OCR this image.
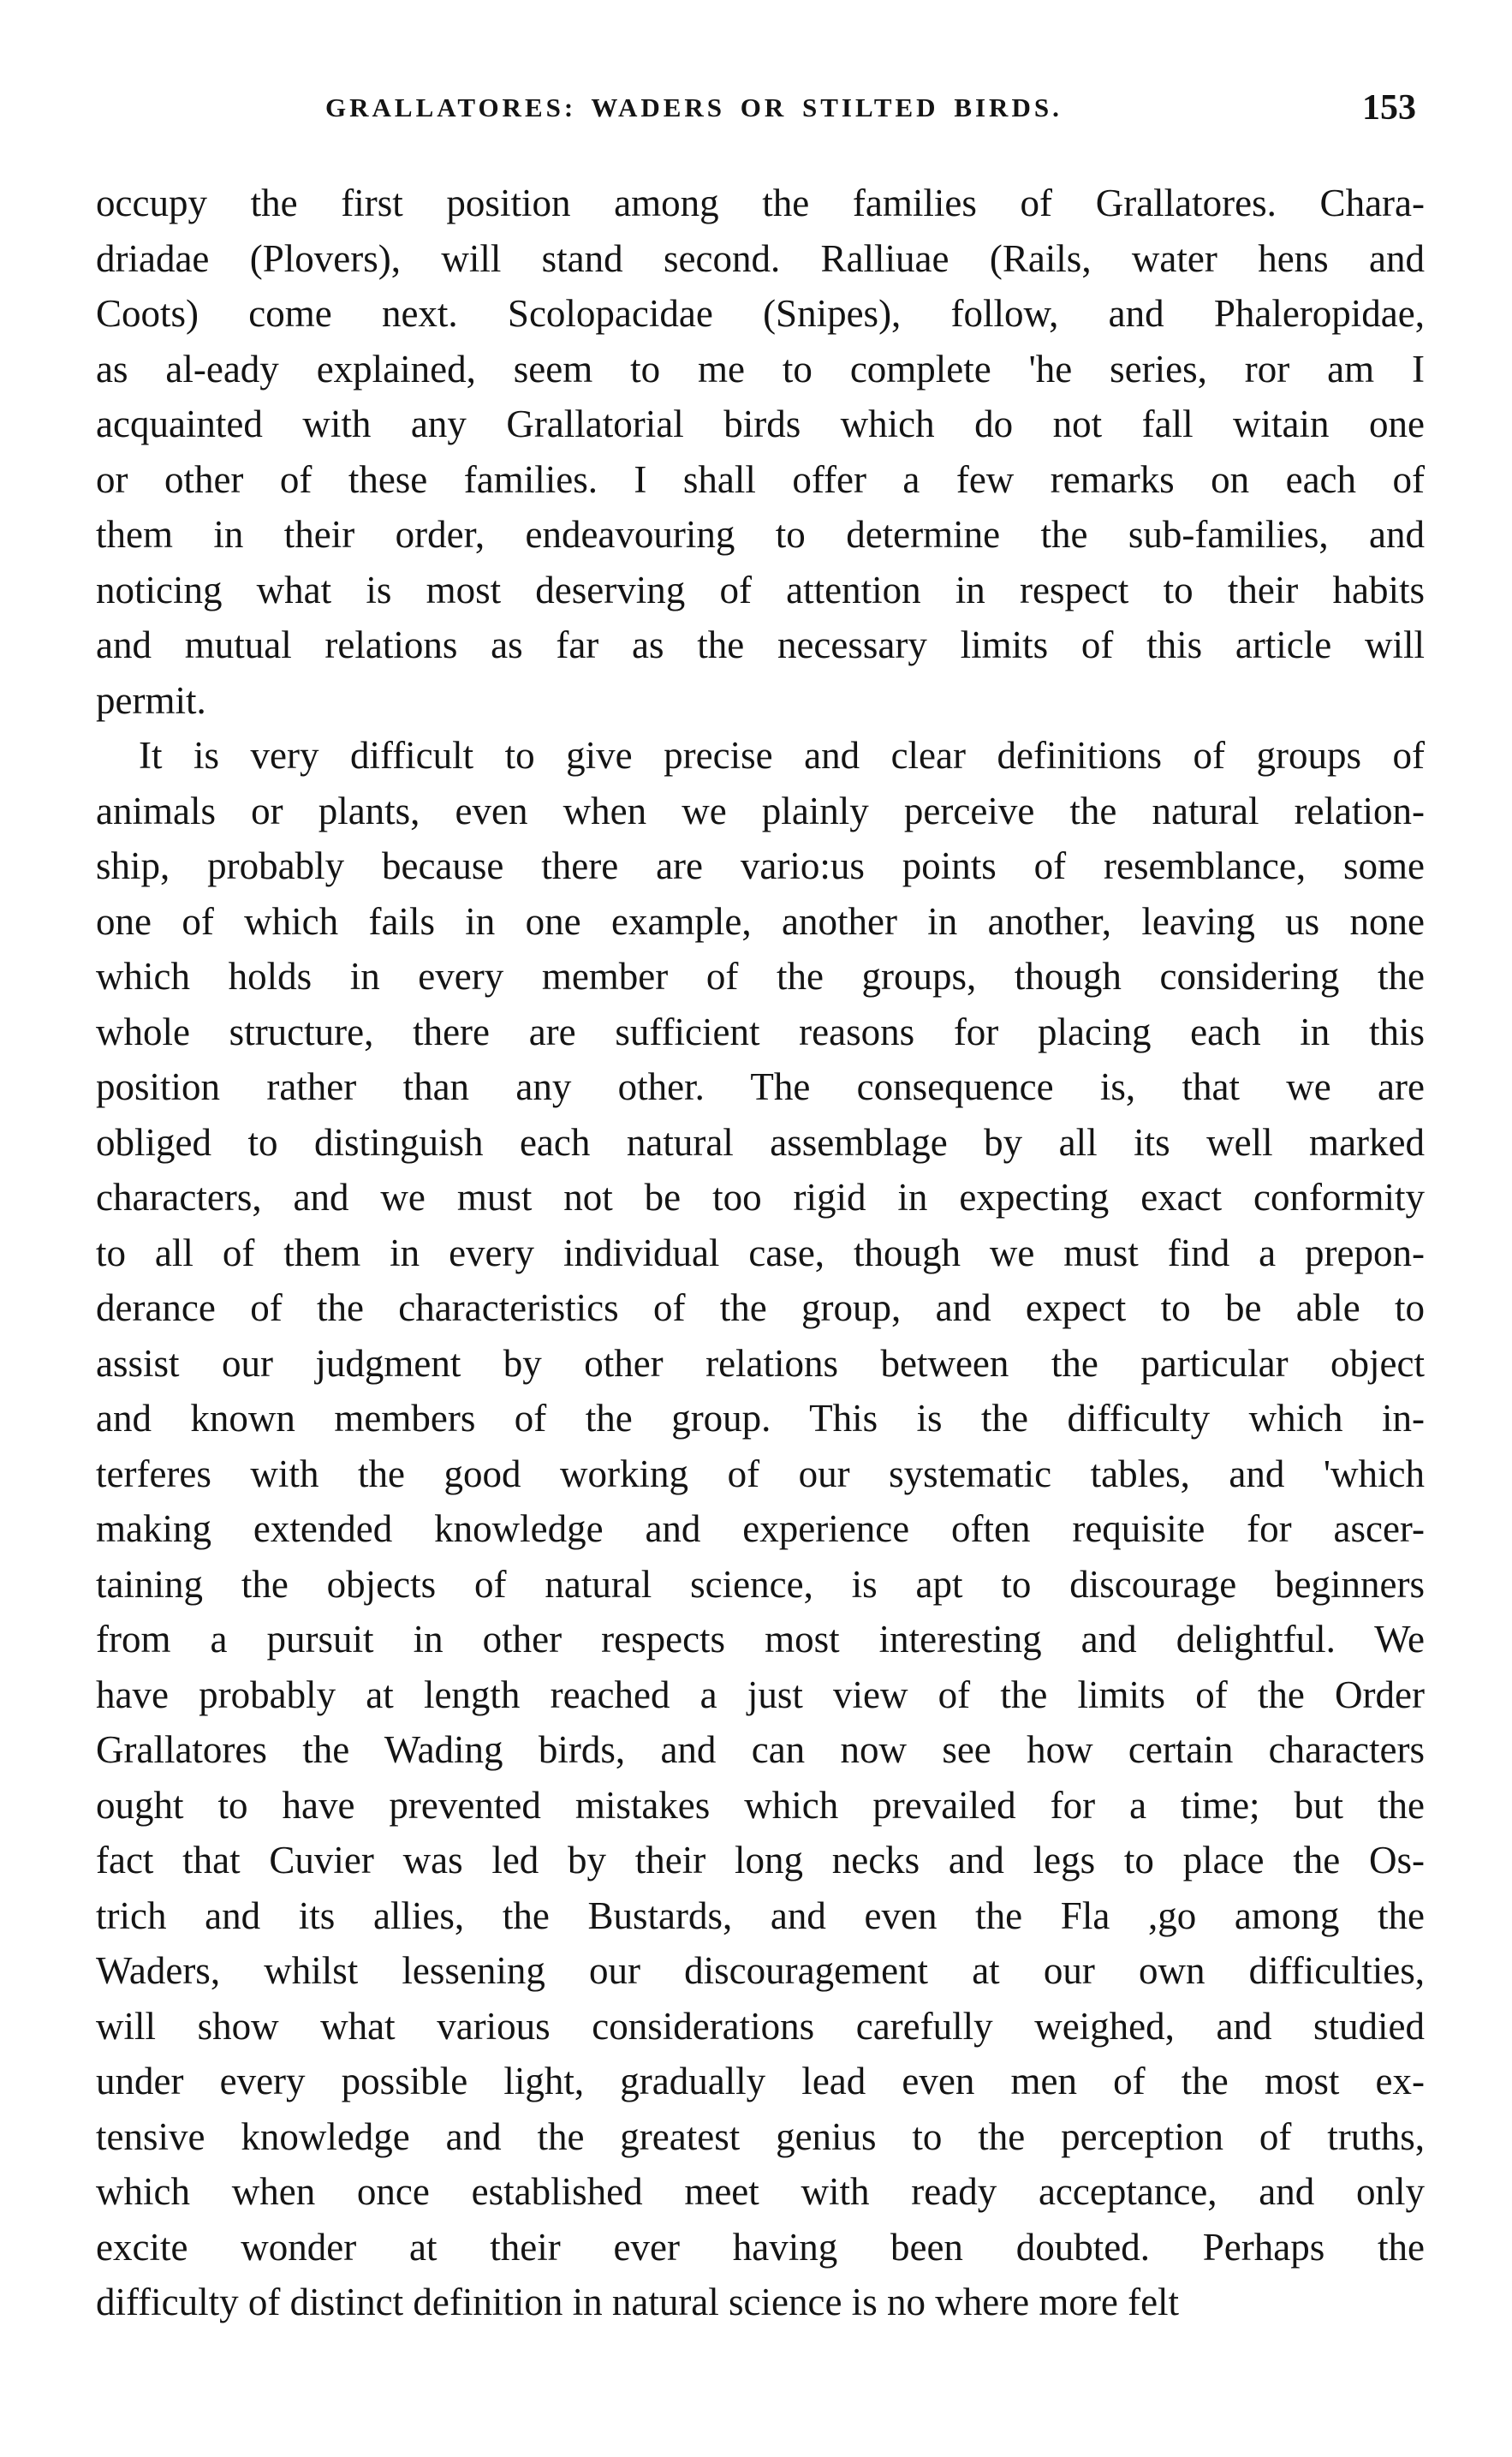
GRALLATORES: WADERS OR STILTED BIRDS.	153
occupy the first position among the families of Grallatores. Chara-
driadae (Plovers), will stand second. Ralliuae (Rails, water hens and
Coots) come next. Scolopacidae (Snipes), follow, and Phaleropidae,
as al-eady explained, seem to me to complete 'he series, ror am I
acquainted with any Grallatorial birds which do not fall witain one
or other of these families. I shall offer a few remarks on each of
them in their order, endeavouring to determine the sub-families, and
noticing what is most deserving of attention in respect to their habits
and mutual relations as far as the necessary limits of this article will
permit.
It is very difficult to give precise and clear definitions of groups of
animals or plants, even when we plainly perceive the natural relation-
ship, probably because there are vario:us points of resemblance, some
one of which fails in one example, another in another, leaving us none
which holds in every member of the groups, though considering the
whole structure, there are sufficient reasons for placing each in this
position rather than any other. The consequence is, that we are
obliged to distinguish each natural assemblage by all its well marked
characters, and we must not be too rigid in expecting exact conformity
to all of them in every individual case, though we must find a prepon-
derance of the characteristics of the group, and expect to be able to
assist our judgment by other relations between the particular object
and known members of the group. This is the difficulty which in-
terferes with the good working of our systematic tables, and 'which
making extended knowledge and experience often requisite for ascer-
taining the objects of natural science, is apt to discourage beginners
from a pursuit in other respects most interesting and delightful. We
have probably at length reached a just view of the limits of the Order
Grallatores the Wading birds, and can now see how certain characters
ought to have prevented mistakes which prevailed for a time; but the
fact that Cuvier was led by their long necks and legs to place the Os-
trich and its allies, the Bustards, and even the Fla ,go among the
Waders, whilst lessening our discouragement at our own difficulties,
will show what various considerations carefully weighed, and studied
under every possible light, gradually lead even men of the most ex-
tensive knowledge and the greatest genius to the perception of truths,
which when once established meet with ready acceptance, and only
excite wonder at their ever having been doubted. Perhaps the
difficulty of distinct definition in natural science is no where more felt
